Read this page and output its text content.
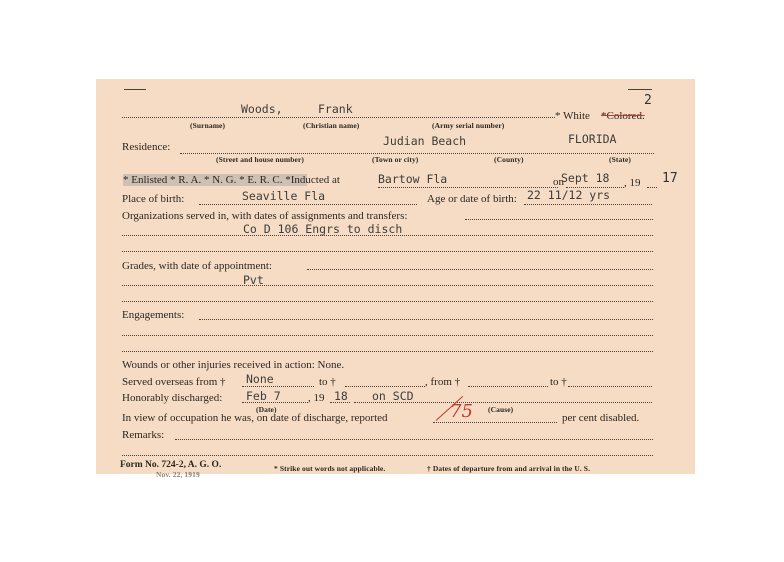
2
Woods,	Frank	* White *Colored.
(Surname)	(Christian name)	(Army serial number)
Judian Beach	FLORIDA
Residence:
(Street and house number)	(Town or city)	(County)	(State)
* Enlisted * R. A. * N. G. * E. R. C. *Inducted at	Bartow Fla	on
Sept 18 , 19 17
Place of birth:	Seaville Fla	Age or date of birth: 22 11/12 yrs
Organizations served in, with dates of assignments and transfers:
Co D 106 Engrs to disch
Grades, with date of appointment:
Pvt
Engagements:
Wounds or other injuries received in action: None.
Served overseas from † None	to †	, from †	to †
Honorably discharged: Feb 7 , 19 18 on SCD
(Date)	(Cause)
In view of occupation he was, on date of discharge, reported	75	per cent disabled.
Remarks:
Form No. 724-2, A. G. O.
Nov. 22, 1919
* Strike out words not applicable.	† Dates of departure from and arrival in the U. S.
